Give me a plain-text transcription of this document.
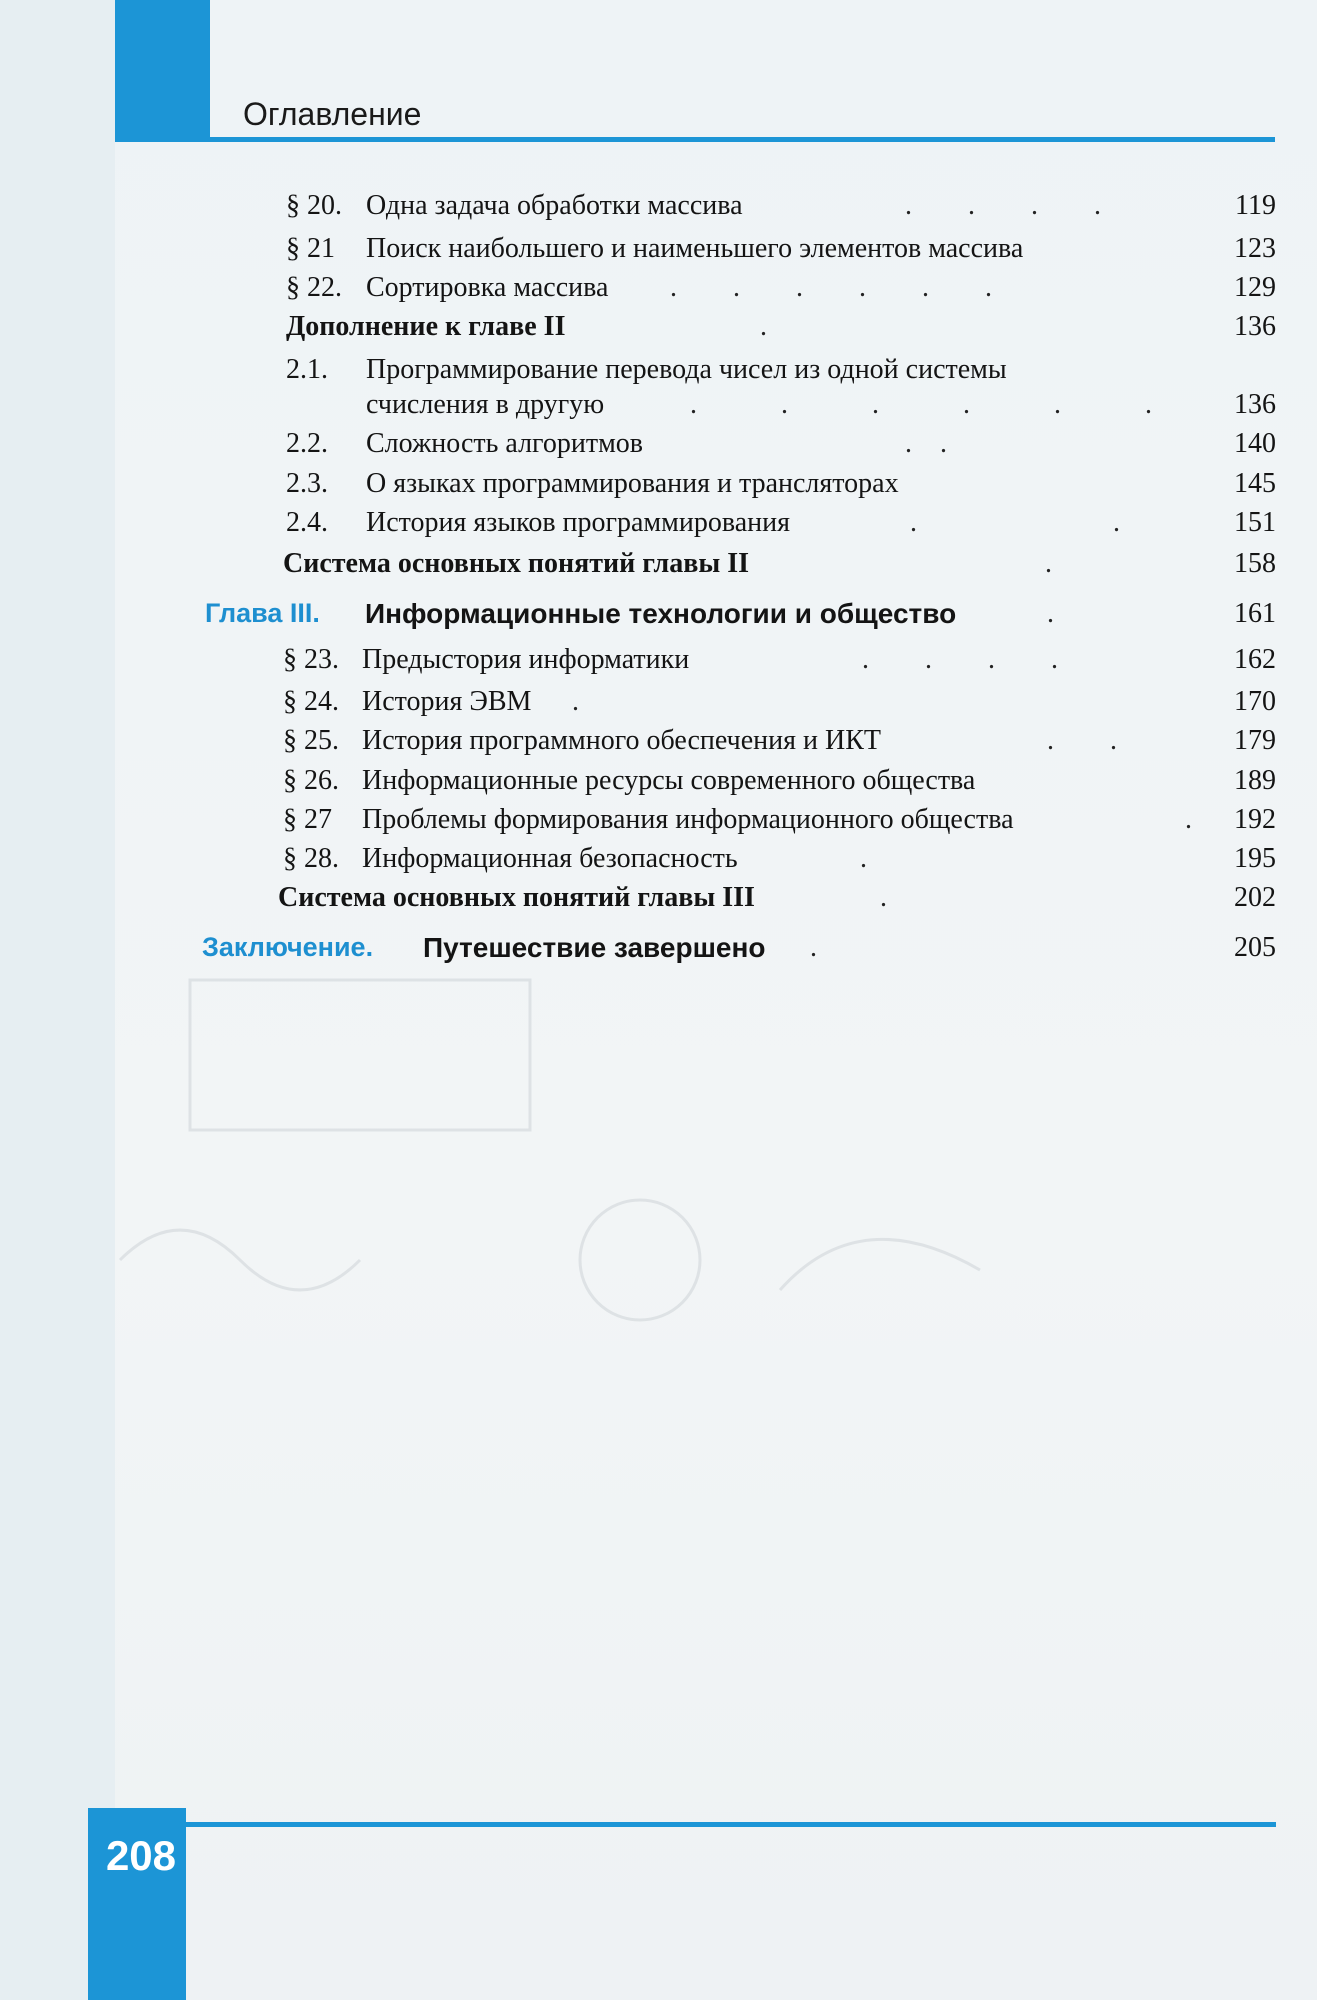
Оглавление
§ 20. Одна задача обработки массива	.  .  .  .	119
§ 21 Поиск наибольшего и наименьшего элементов массива	123
§ 22. Сортировка массива .  .  .  .  .  .	129
Дополнение к главе II	.	136
2.1. Программирование перевода чисел из одной системы
счисления в другую	.   .   .   .   .   .	136
2.2. Сложность алгоритмов	. .	140
2.3. О языках программирования и трансляторах	145
2.4. История языков программирования	.       .	151
Система основных понятий главы II	.	158
Глава III. Информационные технологии и общество	.	161
§ 23. Предыстория информатики	.  .  .  .	162
§ 24. История ЭВМ .	170
§ 25. История программного обеспечения и ИКТ	.  .	179
§ 26. Информационные ресурсы современного общества	189
§ 27 Проблемы формирования информационного общества	.	192
§ 28. Информационная безопасность	.	195
Система основных понятий главы III	.	202
Заключение. Путешествие завершено .	205
208
